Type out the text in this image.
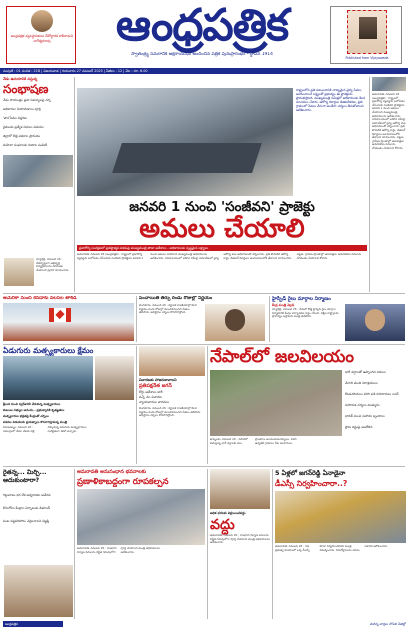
ఆంధ్రపత్రిక వ్యవస్థాపకులు దేశోద్ధారక కాశీనాథుని నాగేశ్వరరావు	ఆంధ్రపత్రిక
స్వాతంత్ర్య సమరానికి అక్షరాయుధం అందించిన పత్రిక పునఃప్రారంభం - స్థాపన 1914
Published from Vijayawada
సంపుటి : 01 సంచిక : 218 | విజయవాడ | గురువారం 27 నవంబర్ 2025 | పేజీలు : 12 | వెల : రూ. 6.00
నేడు ఉదయానికి వస్తున్న
సంభాషణ
నేడు సాయంత్రం ప్రజా సమస్యలపై చర్చ
అధికారుల నియామకాలు పూర్తి
'పౌర'సేవల విస్తరణ
రైతులకు ప్రత్యేక నిధులు విడుదల
జిల్లాలో కొత్త పథకాల ప్రారంభం
మహిళా సంఘాలకు రుణాల పంపిణీ
న్యూఢిల్లీ, నవంబర్ 26 : దేశవ్యాప్తంగా అభివృద్ధి కార్యక్రమాలను వేగవంతం చేయాలని ప్రధాని సూచించారు.
రాష్ట్రంలోని ప్రతి కుటుంబానికి నాణ్యమైన వైద్య సేవలు అందించాలనే లక్ష్యంతో ప్రభుత్వం ఈ ప్రాజెక్టును ప్రారంభిస్తోంది. ముఖ్యమంత్రి సమీక్షలో అధికారులకు కీలక సూచనలు చేశారు. ఆరోగ్య రికార్డుల డిజిటలీకరణ, ప్రతి గ్రామంలో సేవలు వేగంగా అందేలా చర్యలు తీసుకోవాలని ఆదేశించారు.
అమరావతి, నవంబర్ 26 (ఆంధ్రపత్రిక) : రాష్ట్రంలో ప్రజారోగ్య వ్యవస్థను బలోపేతం చేసేందుకు సంజీవని ప్రాజెక్టును జనవరి 1 నుంచి అమలు చేయాలని ముఖ్యమంత్రి అధికారులను ఆదేశించారు. సచివాలయంలో జరిగిన సమీక్షా సమావేశంలో వైద్య ఆరోగ్య శాఖ అధికారులతో చర్చించారు. ప్రతి పౌరుడికి ఆరోగ్య కార్డు, డిజిటల్ రికార్డులు అందుబాటులోకి తేవాలని సూచించారు. పట్టణ, గ్రామీణ ప్రాంతాల్లో ఆసుపత్రుల ఆధునీకరణ పనులను వేగవంతం చేయాలని కోరారు.
జనవరి 1 నుంచి 'సంజీవని' ప్రాజెక్టు
అమలు చేయాలి
ప్రజారోగ్య సంరక్షణలో ప్రతిష్ఠాత్మక పథకంపై ముఖ్యమంత్రి తాజా ఆదేశాలు - అధికారులకు స్పష్టమైన లక్ష్యాలు
అమరావతి, నవంబర్ 26 (ఆంధ్రపత్రిక) : రాష్ట్రంలో ప్రజారోగ్య వ్యవస్థను బలోపేతం చేసేందుకు సంజీవని ప్రాజెక్టును జనవరి 1 నుంచి అమలు చేయాలని ముఖ్యమంత్రి అధికారులను ఆదేశించారు. సచివాలయంలో జరిగిన సమీక్షా సమావేశంలో వైద్య ఆరోగ్య శాఖ అధికారులతో చర్చించారు. ప్రతి పౌరుడికి ఆరోగ్య కార్డు, డిజిటల్ రికార్డులు అందుబాటులోకి తేవాలని సూచించారు. పట్టణ, గ్రామీణ ప్రాంతాల్లో ఆసుపత్రుల ఆధునీకరణ పనులను వేగవంతం చేయాలని కోరారు.
అమెరికా నుంచి కెనడాకు వలసల తాకిడి	పంచాయితీ తీర్పు రెండు రోజుల్లో నిర్ణయం
బెంగళూరు, నవంబర్ 26 : కర్ణాటక రాజకీయాల్లో కీలక నిర్ణయం రెండు రోజుల్లో వెలువడనుందని నేతలు తెలిపారు. అధిష్ఠానం చర్చలు కొనసాగిస్తోంది.
హైస్పీడ్ రైలు మార్గాల నిర్మాణం
కేంద్ర మంత్రి వెల్లడి
న్యూఢిల్లీ, నవంబర్ 26 : దేశంలో కొత్త హైస్పీడ్ రైలు మార్గాల నిర్మాణానికి కేంద్రం కార్యాచరణ సిద్ధం చేసింది. దక్షిణ రాష్ట్రాలకు ప్రాధాన్యం ఇస్తామని మంత్రి తెలిపారు.
ఏడుగురు మత్స్యకారులు క్షేమం
శ్రీలంక నుంచి స్వదేశానికి చేరుకున్న మత్స్యకారులు
కుటుంబ సభ్యుల ఆనందం - ప్రభుత్వానికి కృతజ్ఞతలు
మత్స్యకారుల భద్రతపై కేంద్రంతో చర్చలు
పడవల విడుదలకు ప్రయత్నాలు కొనసాగిస్తామన్న మంత్రి
విశాఖపట్నం, నవంబర్ 26 : సముద్రంలో చేపల వేటకు వెళ్లి చిక్కుకున్న ఏడుగురు మత్స్యకారులు సురక్షితంగా తిరిగి వచ్చారు.
విచారణకు హాజరుకావాలని
ప్రతిపక్షనేత జగన్
కోర్టు ఆదేశాలు జారీ
వచ్చే నెల విచారణ
న్యాయవాదుల వాదనలు
బెంగళూరు, నవంబర్ 26 : కర్ణాటక రాజకీయాల్లో కీలక నిర్ణయం రెండు రోజుల్లో వెలువడనుందని నేతలు తెలిపారు. అధిష్ఠానం చర్చలు కొనసాగిస్తోంది.
నేపాల్‌లో జలవిలయం
భారీ వర్షాలతో ఉప్పొంగిన నదులు
వేలాది మంది నిరాశ్రయులు
కొండచరియలు విరిగి పడి రహదారులు బంద్
సహాయక చర్యలు ముమ్మరం
భారత్ నుంచి సహాయ బృందాలు
ప్రాణ నష్టంపై ఆందోళన
ఖాట్మండు, నవంబర్ 26 : నేపాల్‌లో కురుస్తున్న భారీ వర్షాలకు పలు ప్రాంతాలు జలమయమయ్యాయి. వరద ఉధృతికి గ్రామాలు నీట మునిగాయి.
రైతన్న... మిర్చి... ఆదుకుంటారా?
గిట్టుబాటు ధర లేక అన్నదాతల ఆవేదన
కొనుగోలు కేంద్రాల ఏర్పాటుకు డిమాండ్
పంట నష్టపరిహారం చెల్లించాలని విజ్ఞప్తి
అమరావతి అనుసంధాన భవనాలకు
ప్రణాళికాబద్ధంగా రూపకల్పన
అమరావతి, నవంబర్ 26 : రాజధాని నిర్మాణ పనులను నిర్ణీత గడువులోగా పూర్తి చేయాలని మంత్రి అధికారులను ఆదేశించారు.
అధిక ధరలకు విక్రయించవద్దు
వద్దు
అమరావతి, నవంబర్ 26 : రాజధాని నిర్మాణ పనులను నిర్ణీత గడువులోగా పూర్తి చేయాలని మంత్రి అధికారులను ఆదేశించారు.
5 ఏళ్లలో జగన్‌రెడ్డి ఏనాడైనా
డీఎస్సీ నిర్వహించారా..?
అమరావతి, నవంబర్ 26 : గత ప్రభుత్వ హయాంలో ఒక్క డీఎస్సీ కూడా నిర్వహించలేదని మంత్రి విమర్శించారు. నిరుద్యోగులను మోసం చేశారని ఆరోపించారు.
ఆంధ్రపత్రిక	మరిన్ని వార్తలు లోపలి పేజీల్లో
